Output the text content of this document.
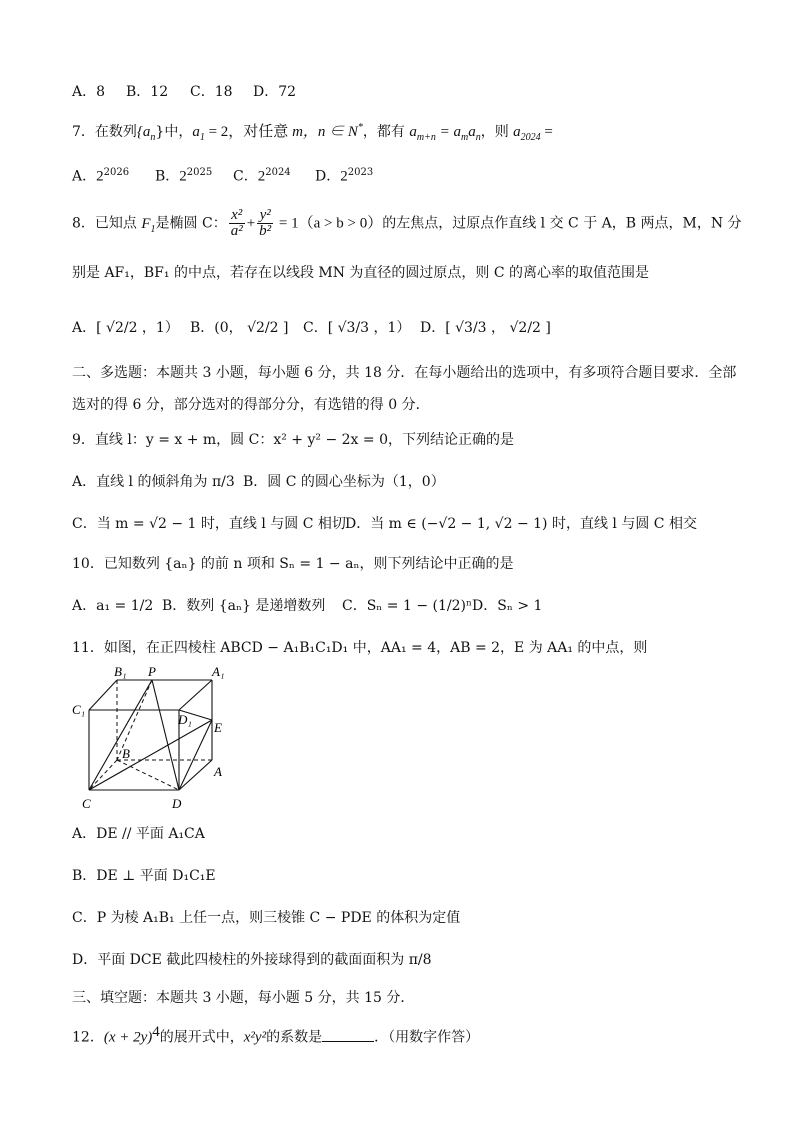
A．8 B．12 C．18 D．72
7．在数列$\{a_n\}$中，$a_1 = 2$，对任意 m，n ∈ N*，都有 $a_{m+n} = a_ma_n$，则 $a_{2024}$ =
A．$2^{2026}$ B．$2^{2025}$ C．$2^{2024}$ D．$2^{2023}$
8．已知点 $F_1$是椭圆 C： $\frac{\text{x²}}{\text{a²}} + \frac{\text{y²}}{\text{b²}} = 1(a > b > 0)$的左焦点，过原点作直线 l 交 C 于 A，B 两点，M，N 分
别是 AF₁，BF₁ 的中点，若存在以线段 MN 为直径的圆过原点，则 C 的离心率的取值范围是
A．[ √2/2 ，1） B．(0， √2/2 ] C．[ √3/3 ，1） D．[ √3/3 ， √2/2 ]
二、多选题：本题共 3 小题，每小题 6 分，共 18 分．在每小题给出的选项中，有多项符合题目要求．全部
选对的得 6 分，部分选对的得部分分，有选错的得 0 分．
9．直线 l：y = x + m，圆 C：x² + y² − 2x = 0，下列结论正确的是
A．直线 l 的倾斜角为 π/3 B．圆 C 的圆心坐标为（1，0）
C．当 m = √2 − 1 时，直线 l 与圆 C 相切 D．当 m ∈ (−√2 − 1, √2 − 1) 时，直线 l 与圆 C 相交
10．已知数列 {aₙ} 的前 n 项和 Sₙ = 1 − aₙ，则下列结论中正确的是
A．a₁ = 1/2 B．数列 {aₙ} 是递增数列 C．Sₙ = 1 − (1/2)ⁿ D．Sₙ > 1
11．如图，在正四棱柱 ABCD − A₁B₁C₁D₁ 中，AA₁ = 4，AB = 2，E 为 AA₁ 的中点，则
B₁ P	A₁
C₁
D₁
E
B
A
C	D
A．DE // 平面 A₁CA
B．DE ⊥ 平面 D₁C₁E
C．P 为棱 A₁B₁ 上任一点，则三棱锥 C − PDE 的体积为定值
D．平面 DCE 截此四棱柱的外接球得到的截面面积为 π/8
三、填空题：本题共 3 小题，每小题 5 分，共 15 分．
12．$(x + 2y)^4$的展开式中，x²y²的系数是	．（用数字作答）
